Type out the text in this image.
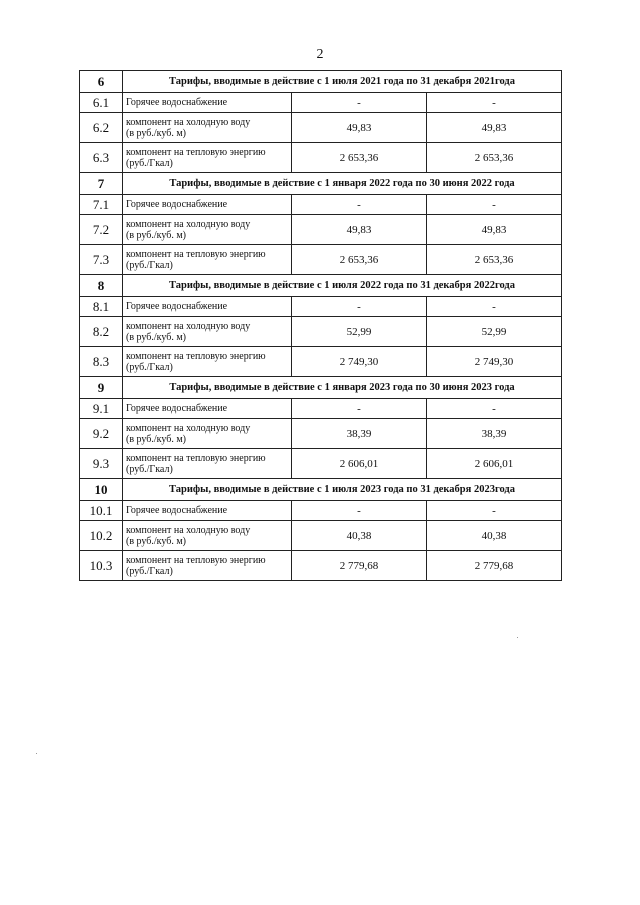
2
6	Тарифы, вводимые в действие с 1 июля 2021 года по 31 декабря 2021года		
6.1	Горячее водоснабжение	-	-
6.2	компонент на холодную воду
(в руб./куб. м)	49,83	49,83
6.3	компонент на тепловую энергию
(руб./Гкал)	2 653,36	2 653,36
7	Тарифы, вводимые в действие с 1 января 2022 года по 30 июня 2022 года		
7.1	Горячее водоснабжение	-	-
7.2	компонент на холодную воду
(в руб./куб. м)	49,83	49,83
7.3	компонент на тепловую энергию
(руб./Гкал)	2 653,36	2 653,36
8	Тарифы, вводимые в действие с 1 июля 2022 года по 31 декабря 2022года		
8.1	Горячее водоснабжение	-	-
8.2	компонент на холодную воду
(в руб./куб. м)	52,99	52,99
8.3	компонент на тепловую энергию
(руб./Гкал)	2 749,30	2 749,30
9	Тарифы, вводимые в действие с 1 января 2023 года по 30 июня 2023 года		
9.1	Горячее водоснабжение	-	-
9.2	компонент на холодную воду
(в руб./куб. м)	38,39	38,39
9.3	компонент на тепловую энергию
(руб./Гкал)	2 606,01	2 606,01
10	Тарифы, вводимые в действие с 1 июля 2023 года по 31 декабря 2023года		
10.1	Горячее водоснабжение	-	-
10.2	компонент на холодную воду
(в руб./куб. м)	40,38	40,38
10.3	компонент на тепловую энергию
(руб./Гкал)	2 779,68	2 779,68
